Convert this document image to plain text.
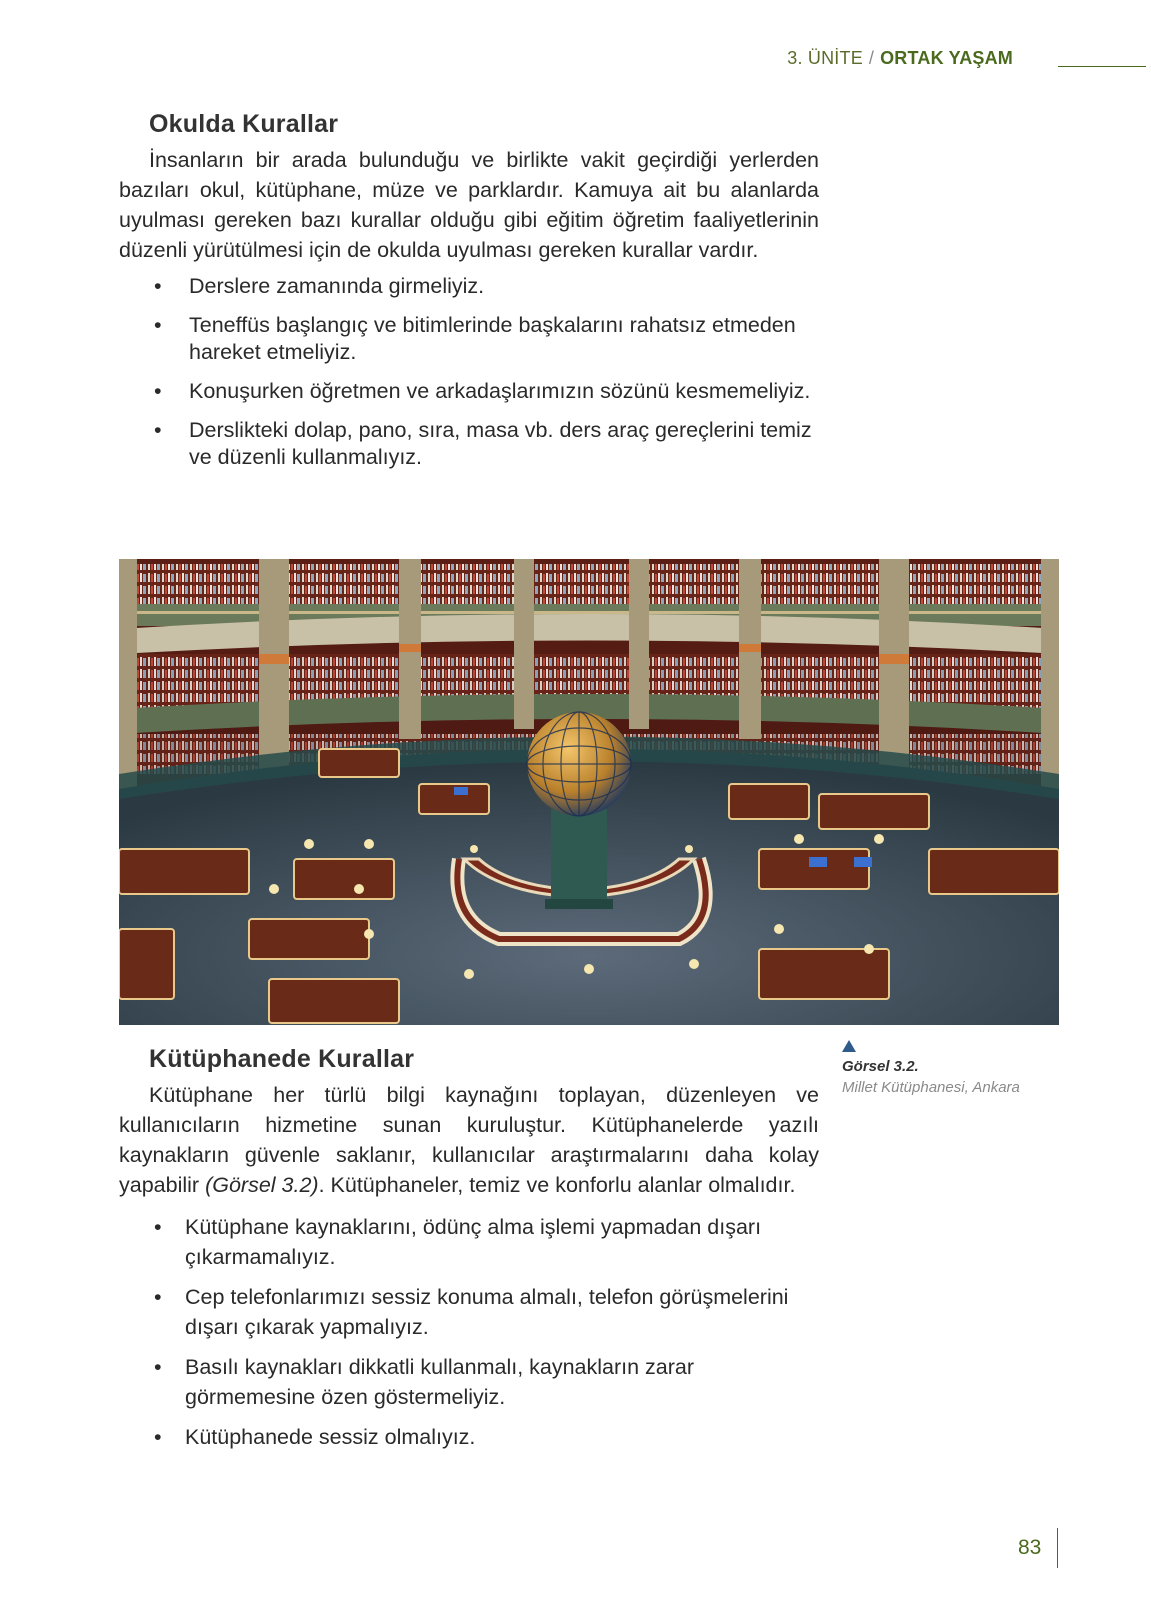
3. ÜNİTE / ORTAK YAŞAM
Okulda Kurallar

İnsanların bir arada bulunduğu ve birlikte vakit geçirdiği yerlerden bazıları okul, kütüphane, müze ve parklardır. Kamuya ait bu alanlarda uyulması gereken bazı kurallar olduğu gibi eğitim öğretim faaliyetlerinin düzenli yürütülmesi için de okulda uyulması gereken kurallar vardır.

• Derslere zamanında girmeliyiz.
• Teneffüs başlangıç ve bitimlerinde başkalarını rahatsız etmeden hareket etmeliyiz.
• Konuşurken öğretmen ve arkadaşlarımızın sözünü kesmemeliyiz.
• Derslikteki dolap, pano, sıra, masa vb. ders araç gereçlerini temiz ve düzenli kullanmalıyız.
Görsel 3.2.
Millet Kütüphanesi, Ankara
Kütüphanede Kurallar

Kütüphane her türlü bilgi kaynağını toplayan, düzenleyen ve kullanıcıların hizmetine sunan kuruluştur. Kütüphanelerde yazılı kaynakların güvenle saklanır, kullanıcılar araştırmalarını daha kolay yapabilir (Görsel 3.2). Kütüphaneler, temiz ve konforlu alanlar olmalıdır.

• Kütüphane kaynaklarını, ödünç alma işlemi yapmadan dışarı çıkarmamalıyız.
• Cep telefonlarımızı sessiz konuma almalı, telefon görüşmelerini dışarı çıkarak yapmalıyız.
• Basılı kaynakları dikkatli kullanmalı, kaynakların zarar görmemesine özen göstermeliyiz.
• Kütüphanede sessiz olmalıyız.
83
